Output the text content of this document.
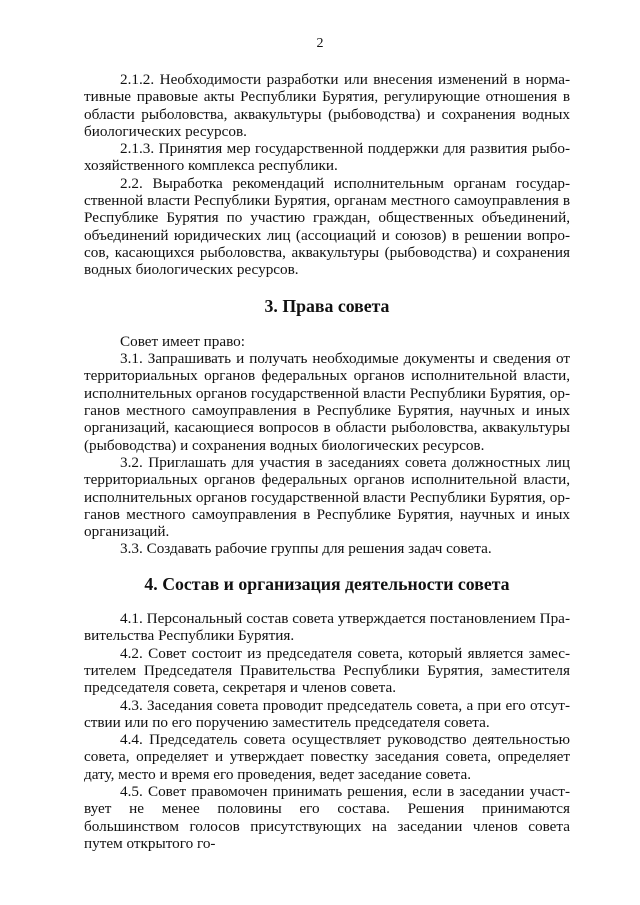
2

2.1.2. Необходимости разработки или внесения изменений в нормативные правовые акты Республики Бурятия, регулирующие отношения в области рыболовства, аквакультуры (рыбоводства) и сохранения водных биологических ресурсов.

2.1.3. Принятия мер государственной поддержки для развития рыбохозяйственного комплекса республики.

2.2. Выработка рекомендаций исполнительным органам государственной власти Республики Бурятия, органам местного самоуправления в Республике Бурятия по участию граждан, общественных объединений, объединений юридических лиц (ассоциаций и союзов) в решении вопросов, касающихся рыболовства, аквакультуры (рыбоводства) и сохранения водных биологических ресурсов.

3. Права совета

Совет имеет право:

3.1. Запрашивать и получать необходимые документы и сведения от территориальных органов федеральных органов исполнительной власти, исполнительных органов государственной власти Республики Бурятия, органов местного самоуправления в Республике Бурятия, научных и иных организаций, касающиеся вопросов в области рыболовства, аквакультуры (рыбоводства) и сохранения водных биологических ресурсов.

3.2. Приглашать для участия в заседаниях совета должностных лиц территориальных органов федеральных органов исполнительной власти, исполнительных органов государственной власти Республики Бурятия, органов местного самоуправления в Республике Бурятия, научных и иных организаций.

3.3. Создавать рабочие группы для решения задач совета.

4. Состав и организация деятельности совета

4.1. Персональный состав совета утверждается постановлением Правительства Республики Бурятия.

4.2. Совет состоит из председателя совета, который является заместителем Председателя Правительства Республики Бурятия, заместителя председателя совета, секретаря и членов совета.

4.3. Заседания совета проводит председатель совета, а при его отсутствии или по его поручению заместитель председателя совета.

4.4. Председатель совета осуществляет руководство деятельностью совета, определяет и утверждает повестку заседания совета, определяет дату, место и время его проведения, ведет заседание совета.

4.5. Совет правомочен принимать решения, если в заседании участвует не менее половины его состава. Решения принимаются большинством голосов присутствующих на заседании членов совета путем открытого го-
